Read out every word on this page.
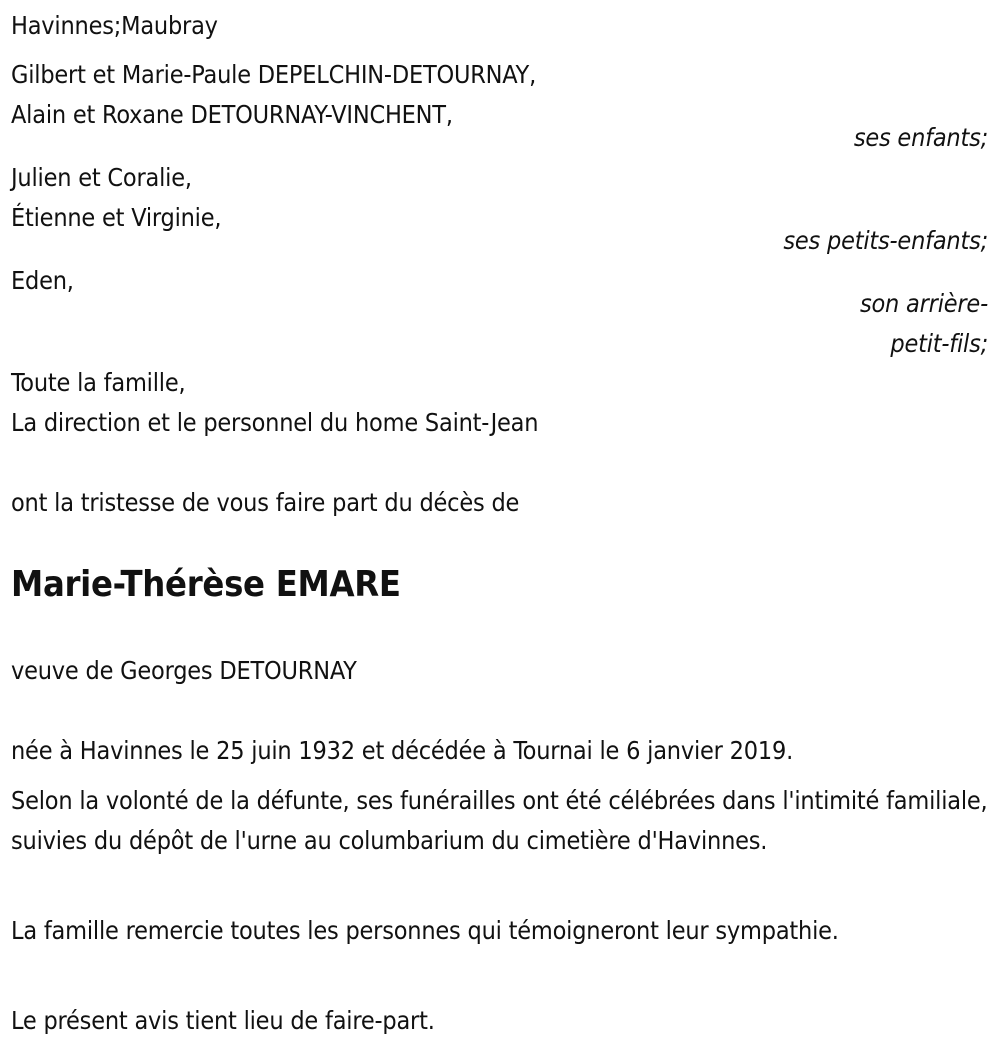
Havinnes;Maubray
Gilbert et Marie-Paule DEPELCHIN-DETOURNAY,
Alain et Roxane DETOURNAY-VINCHENT,
ses enfants;
Julien et Coralie,
Étienne et Virginie,
ses petits-enfants;
Eden,
son arrière-
petit-fils;
Toute la famille,
La direction et le personnel du home Saint-Jean
ont la tristesse de vous faire part du décès de
Marie-Thérèse EMARE
veuve de Georges DETOURNAY
née à Havinnes le 25 juin 1932 et décédée à Tournai le 6 janvier 2019.
Selon la volonté de la défunte, ses funérailles ont été célébrées dans l'intimité familiale, suivies du dépôt de l'urne au columbarium du cimetière d'Havinnes.
La famille remercie toutes les personnes qui témoigneront leur sympathie.
Le présent avis tient lieu de faire-part.
